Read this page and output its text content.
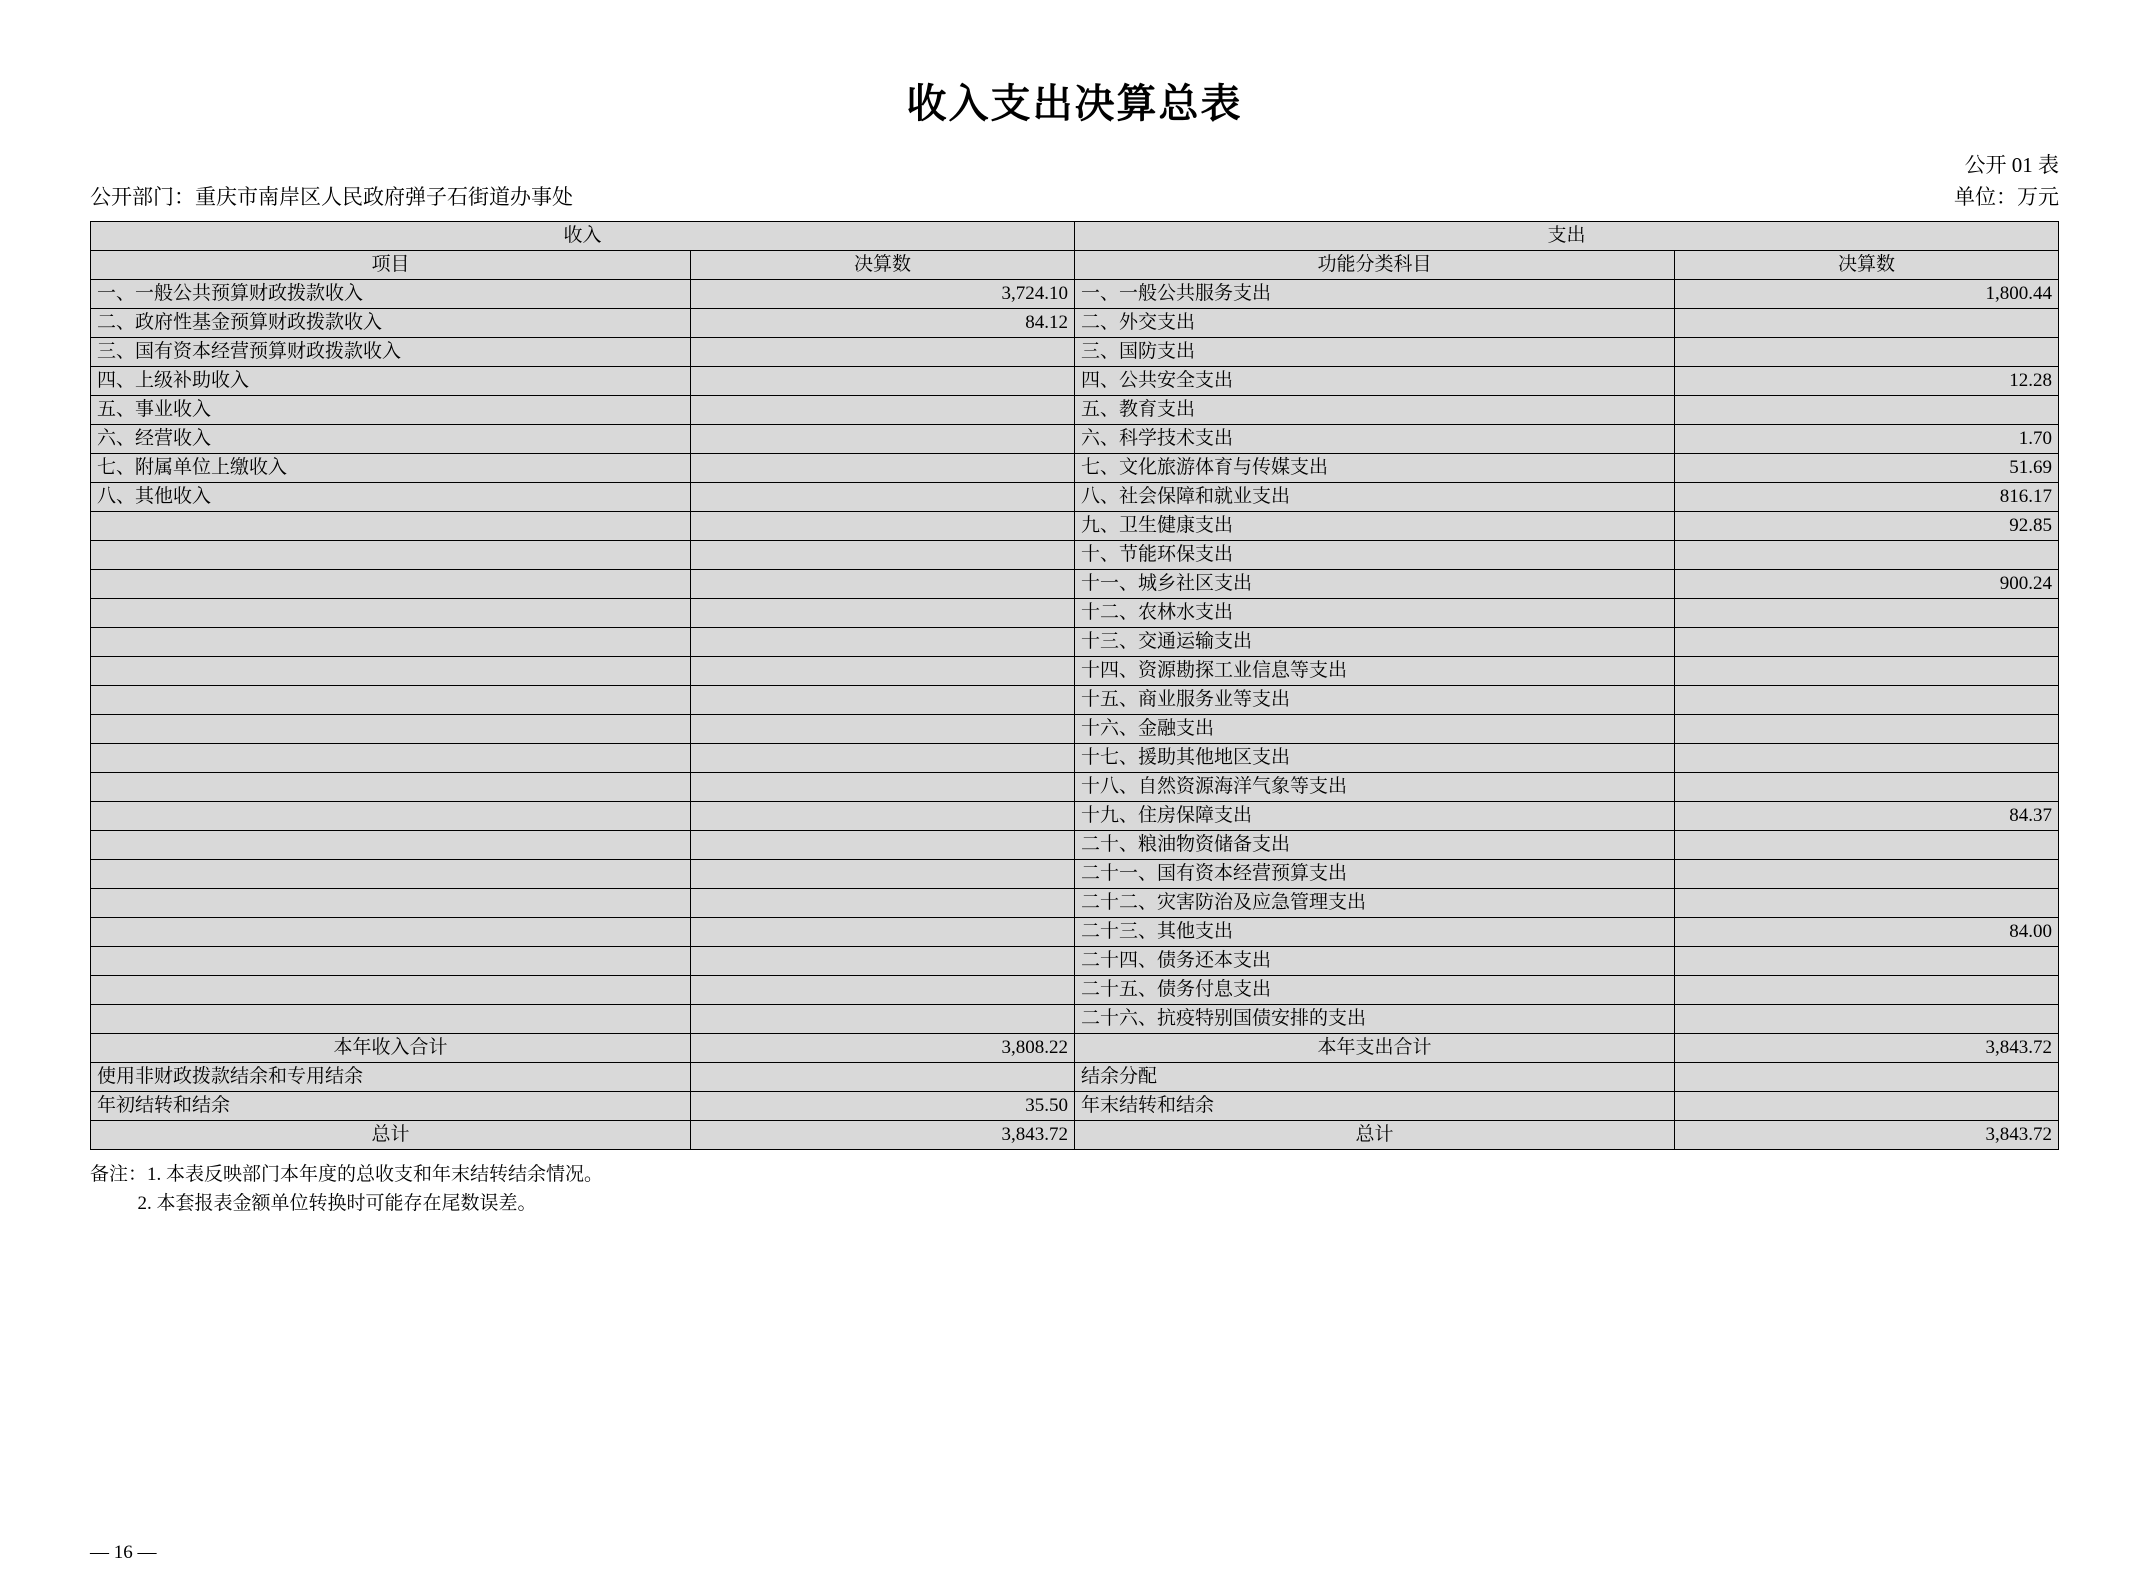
收入支出决算总表
公开 01 表
公开部门：重庆市南岸区人民政府弹子石街道办事处	单位：万元
收入		支出	
项目	决算数	功能分类科目	决算数
一、一般公共预算财政拨款收入	3,724.10	一、一般公共服务支出	1,800.44
二、政府性基金预算财政拨款收入	84.12	二、外交支出	
三、国有资本经营预算财政拨款收入		三、国防支出	
四、上级补助收入		四、公共安全支出	12.28
五、事业收入		五、教育支出	
六、经营收入		六、科学技术支出	1.70
七、附属单位上缴收入		七、文化旅游体育与传媒支出	51.69
八、其他收入		八、社会保障和就业支出	816.17
		九、卫生健康支出	92.85
		十、节能环保支出	
		十一、城乡社区支出	900.24
		十二、农林水支出	
		十三、交通运输支出	
		十四、资源勘探工业信息等支出	
		十五、商业服务业等支出	
		十六、金融支出	
		十七、援助其他地区支出	
		十八、自然资源海洋气象等支出	
		十九、住房保障支出	84.37
		二十、粮油物资储备支出	
		二十一、国有资本经营预算支出	
		二十二、灾害防治及应急管理支出	
		二十三、其他支出	84.00
		二十四、债务还本支出	
		二十五、债务付息支出	
		二十六、抗疫特别国债安排的支出	
本年收入合计	3,808.22	本年支出合计	3,843.72
使用非财政拨款结余和专用结余		结余分配	
年初结转和结余	35.50	年末结转和结余	
总计	3,843.72	总计	3,843.72
备注：1. 本表反映部门本年度的总收支和年末结转结余情况。
2. 本套报表金额单位转换时可能存在尾数误差。
— 16 —
